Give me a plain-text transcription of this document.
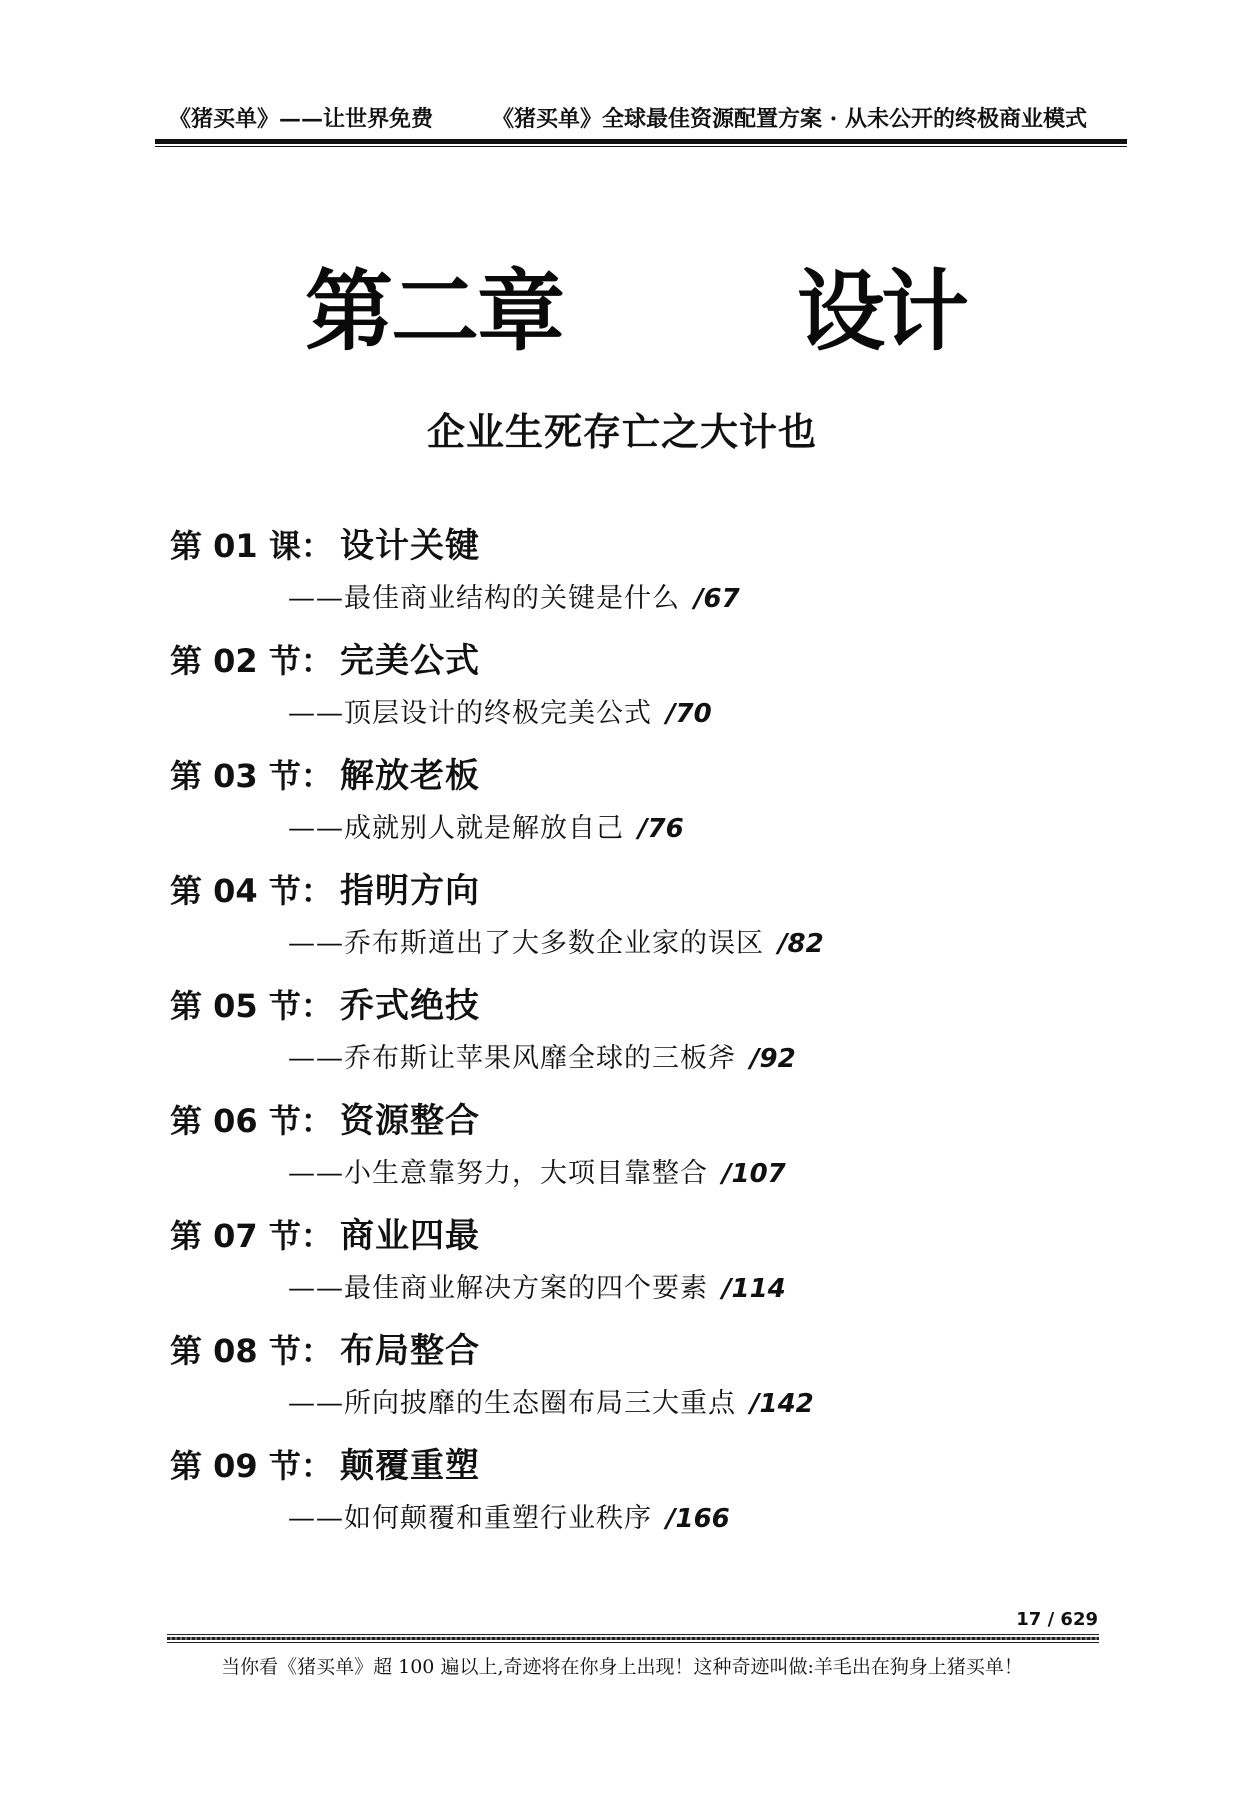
《猪买单》——让世界免费	《猪买单》全球最佳资源配置方案 · 从未公开的终极商业模式
第二章	设计
企业生死存亡之大计也
第 01 课： 设计关键
——最佳商业结构的关键是什么 /67
第 02 节： 完美公式
——顶层设计的终极完美公式 /70
第 03 节： 解放老板
——成就别人就是解放自己 /76
第 04 节： 指明方向
——乔布斯道出了大多数企业家的误区 /82
第 05 节： 乔式绝技
——乔布斯让苹果风靡全球的三板斧 /92
第 06 节： 资源整合
——小生意靠努力，大项目靠整合 /107
第 07 节： 商业四最
——最佳商业解决方案的四个要素 /114
第 08 节： 布局整合
——所向披靡的生态圈布局三大重点 /142
第 09 节： 颠覆重塑
——如何颠覆和重塑行业秩序 /166
17 / 629
当你看《猪买单》超 100 遍以上,奇迹将在你身上出现！这种奇迹叫做:羊毛出在狗身上猪买单！
